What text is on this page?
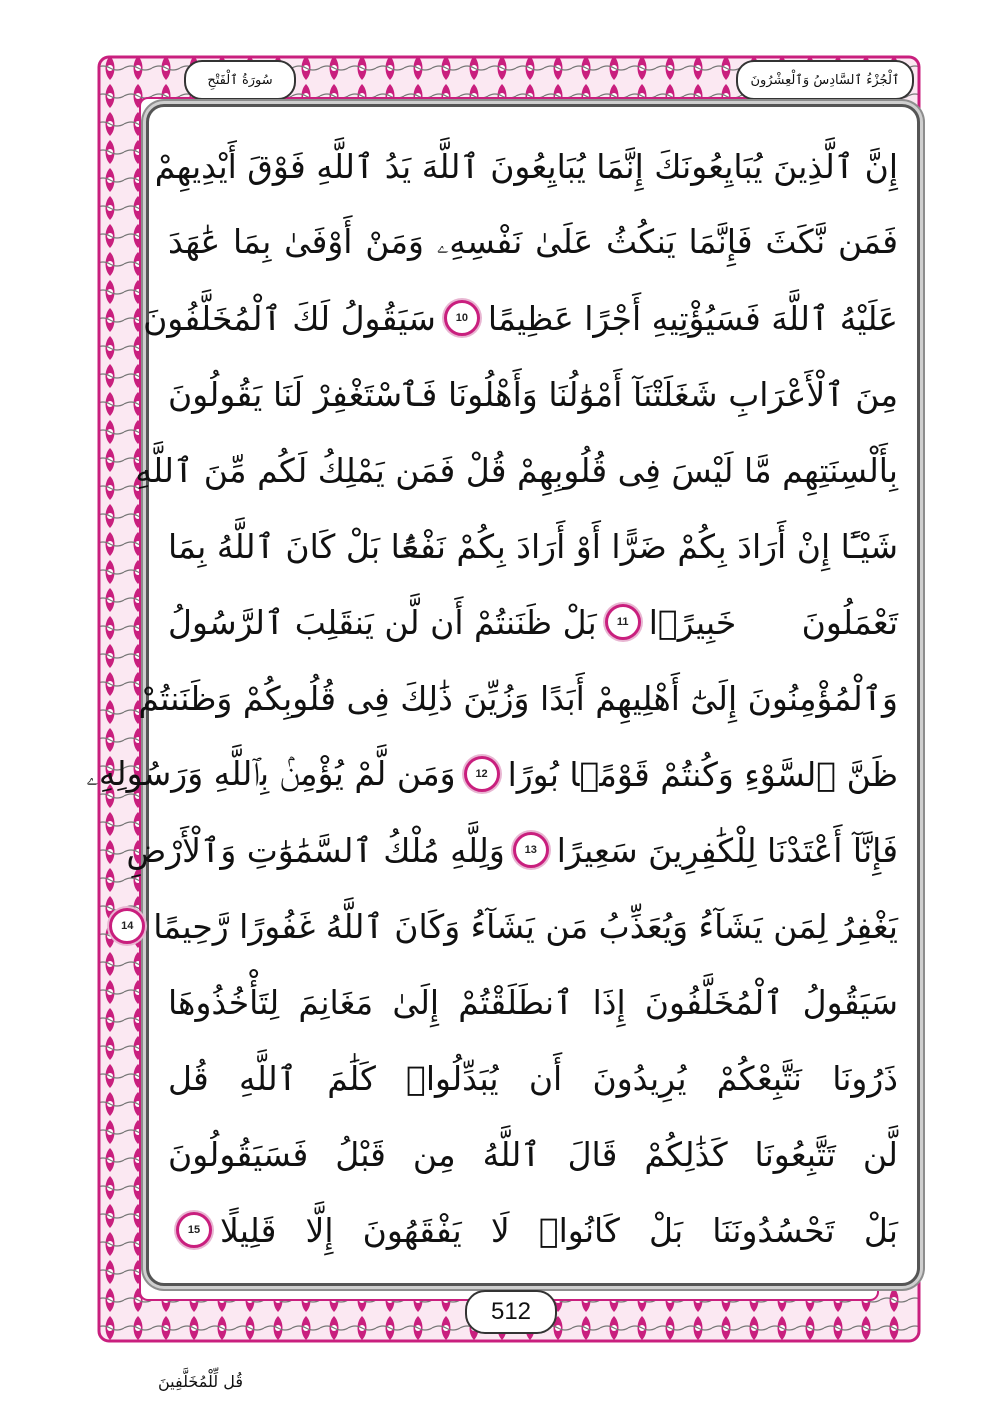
ٱلْجُزْءُ ٱلسَّادِسُ وَٱلْعِشْرُونَ
سُورَةُ ٱلْفَتْحِ
إِنَّ ٱلَّذِينَ يُبَايِعُونَكَ إِنَّمَا يُبَايِعُونَ ٱللَّهَ يَدُ ٱللَّهِ فَوْقَ أَيْدِيهِمْ
فَمَن نَّكَثَ فَإِنَّمَا يَنكُثُ عَلَىٰ نَفْسِهِۦ وَمَنْ أَوْفَىٰ بِمَا عَٰهَدَ
عَلَيْهُ ٱللَّهَ فَسَيُؤْتِيهِ أَجْرًا عَظِيمًا
10
سَيَقُولُ لَكَ ٱلْمُخَلَّفُونَ
مِنَ ٱلْأَعْرَابِ شَغَلَتْنَآ أَمْوَٰلُنَا وَأَهْلُونَا فَٱسْتَغْفِرْ لَنَا يَقُولُونَ
بِأَلْسِنَتِهِم مَّا لَيْسَ فِى قُلُوبِهِمْ قُلْ فَمَن يَمْلِكُ لَكُم مِّنَ ٱللَّهِ
شَيْـًٔا إِنْ أَرَادَ بِكُمْ ضَرًّا أَوْ أَرَادَ بِكُمْ نَفْعًۢا بَلْ كَانَ ٱللَّهُ بِمَا
تَعْمَلُونَ خَبِيرًۢا
11
بَلْ ظَنَنتُمْ أَن لَّن يَنقَلِبَ ٱلرَّسُولُ
وَٱلْمُؤْمِنُونَ إِلَىٰٓ أَهْلِيهِمْ أَبَدًا وَزُيِّنَ ذَٰلِكَ فِى قُلُوبِكُمْ وَظَنَنتُمْ
ظَنَّ ٱلسَّوْءِ وَكُنتُمْ قَوْمًۢا بُورًا
12
وَمَن لَّمْ يُؤْمِنۢ بِٱللَّهِ وَرَسُولِهِۦ
فَإِنَّآ أَعْتَدْنَا لِلْكَٰفِرِينَ سَعِيرًا
13
وَلِلَّهِ مُلْكُ ٱلسَّمَٰوَٰتِ وَٱلْأَرْضِ
يَغْفِرُ لِمَن يَشَآءُ وَيُعَذِّبُ مَن يَشَآءُ وَكَانَ ٱللَّهُ غَفُورًا رَّحِيمًا
14
سَيَقُولُ ٱلْمُخَلَّفُونَ إِذَا ٱنطَلَقْتُمْ إِلَىٰ مَغَانِمَ لِتَأْخُذُوهَا
ذَرُونَا نَتَّبِعْكُمْ يُرِيدُونَ أَن يُبَدِّلُوا۟ كَلَٰمَ ٱللَّهِ قُل
لَّن تَتَّبِعُونَا كَذَٰلِكُمْ قَالَ ٱللَّهُ مِن قَبْلُ فَسَيَقُولُونَ
بَلْ تَحْسُدُونَنَا بَلْ كَانُوا۟ لَا يَفْقَهُونَ إِلَّا قَلِيلًا
15
512
قُل لِّلْمُخَلَّفِينَ
